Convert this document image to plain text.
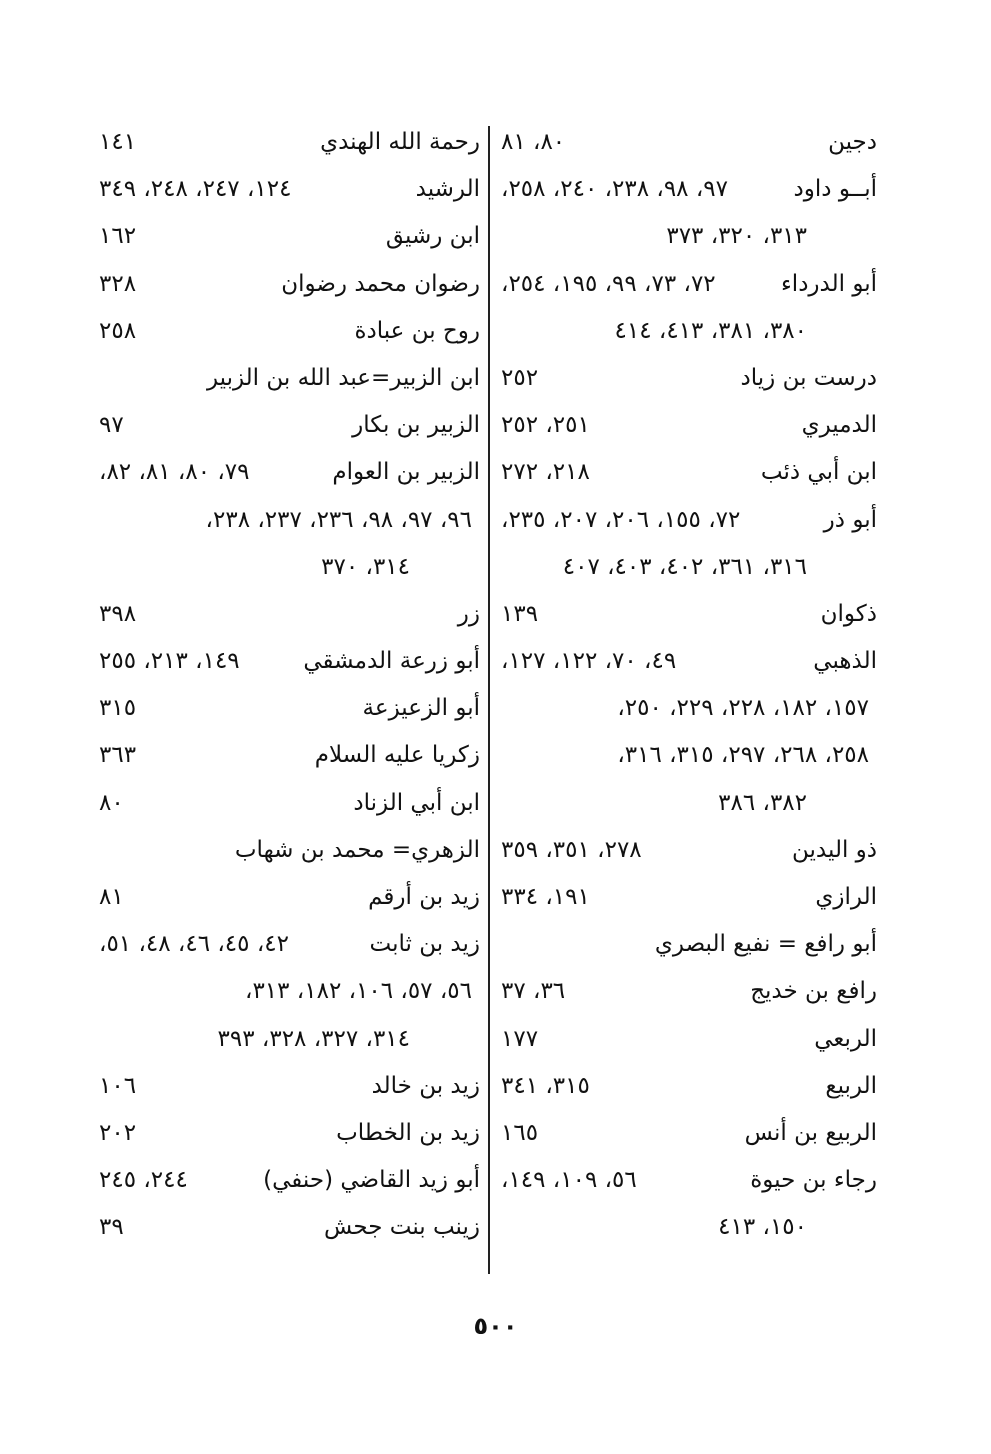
دجين
٨٠، ٨١
أبــو داود
٩٧، ٩٨، ٢٣٨، ٢٤٠، ٢٥٨،
٣١٣، ٣٢٠، ٣٧٣
أبو الدرداء
٧٢، ٧٣، ٩٩، ١٩٥، ٢٥٤،
٣٨٠، ٣٨١، ٤١٣، ٤١٤
درست بن زياد
٢٥٢
الدميري
٢٥١، ٢٥٢
ابن أبي ذئب
٢١٨، ٢٧٢
أبو ذر
٧٢، ١٥٥، ٢٠٦، ٢٠٧، ٢٣٥،
٣١٦، ٣٦١، ٤٠٢، ٤٠٣، ٤٠٧
ذكوان
١٣٩
الذهبي
٤٩، ٧٠، ١٢٢، ١٢٧،
١٥٧، ١٨٢، ٢٢٨، ٢٢٩، ٢٥٠،
٢٥٨، ٢٦٨، ٢٩٧، ٣١٥، ٣١٦،
٣٨٢، ٣٨٦
ذو اليدين
٢٧٨، ٣٥١، ٣٥٩
الرازي
١٩١، ٣٣٤
أبو رافع = نفيع البصري
رافع بن خديج
٣٦، ٣٧
الربعي
١٧٧
الربيع
٣١٥، ٣٤١
الربيع بن أنس
١٦٥
رجاء بن حيوة
٥٦، ١٠٩، ١٤٩،
١٥٠، ٤١٣
رحمة الله الهندي
١٤١
الرشيد
١٢٤، ٢٤٧، ٢٤٨، ٣٤٩
ابن رشيق
١٦٢
رضوان محمد رضوان
٣٢٨
روح بن عبادة
٢٥٨
ابن الزبير=عبد الله بن الزبير
الزبير بن بكار
٩٧
الزبير بن العوام
٧٩، ٨٠، ٨١، ٨٢،
٩٦، ٩٧، ٩٨، ٢٣٦، ٢٣٧، ٢٣٨،
٣١٤، ٣٧٠
زر
٣٩٨
أبو زرعة الدمشقي
١٤٩، ٢١٣، ٢٥٥
أبو الزعيزعة
٣١٥
زكريا عليه السلام
٣٦٣
ابن أبي الزناد
٨٠
الزهري= محمد بن شهاب
زيد بن أرقم
٨١
زيد بن ثابت
٤٢، ٤٥، ٤٦، ٤٨، ٥١،
٥٦، ٥٧، ١٠٦، ١٨٢، ٣١٣،
٣١٤، ٣٢٧، ٣٢٨، ٣٩٣
زيد بن خالد
١٠٦
زيد بن الخطاب
٢٠٢
أبو زيد القاضي (حنفي)
٢٤٤، ٢٤٥
زينب بنت جحش
٣٩
٥٠٠
